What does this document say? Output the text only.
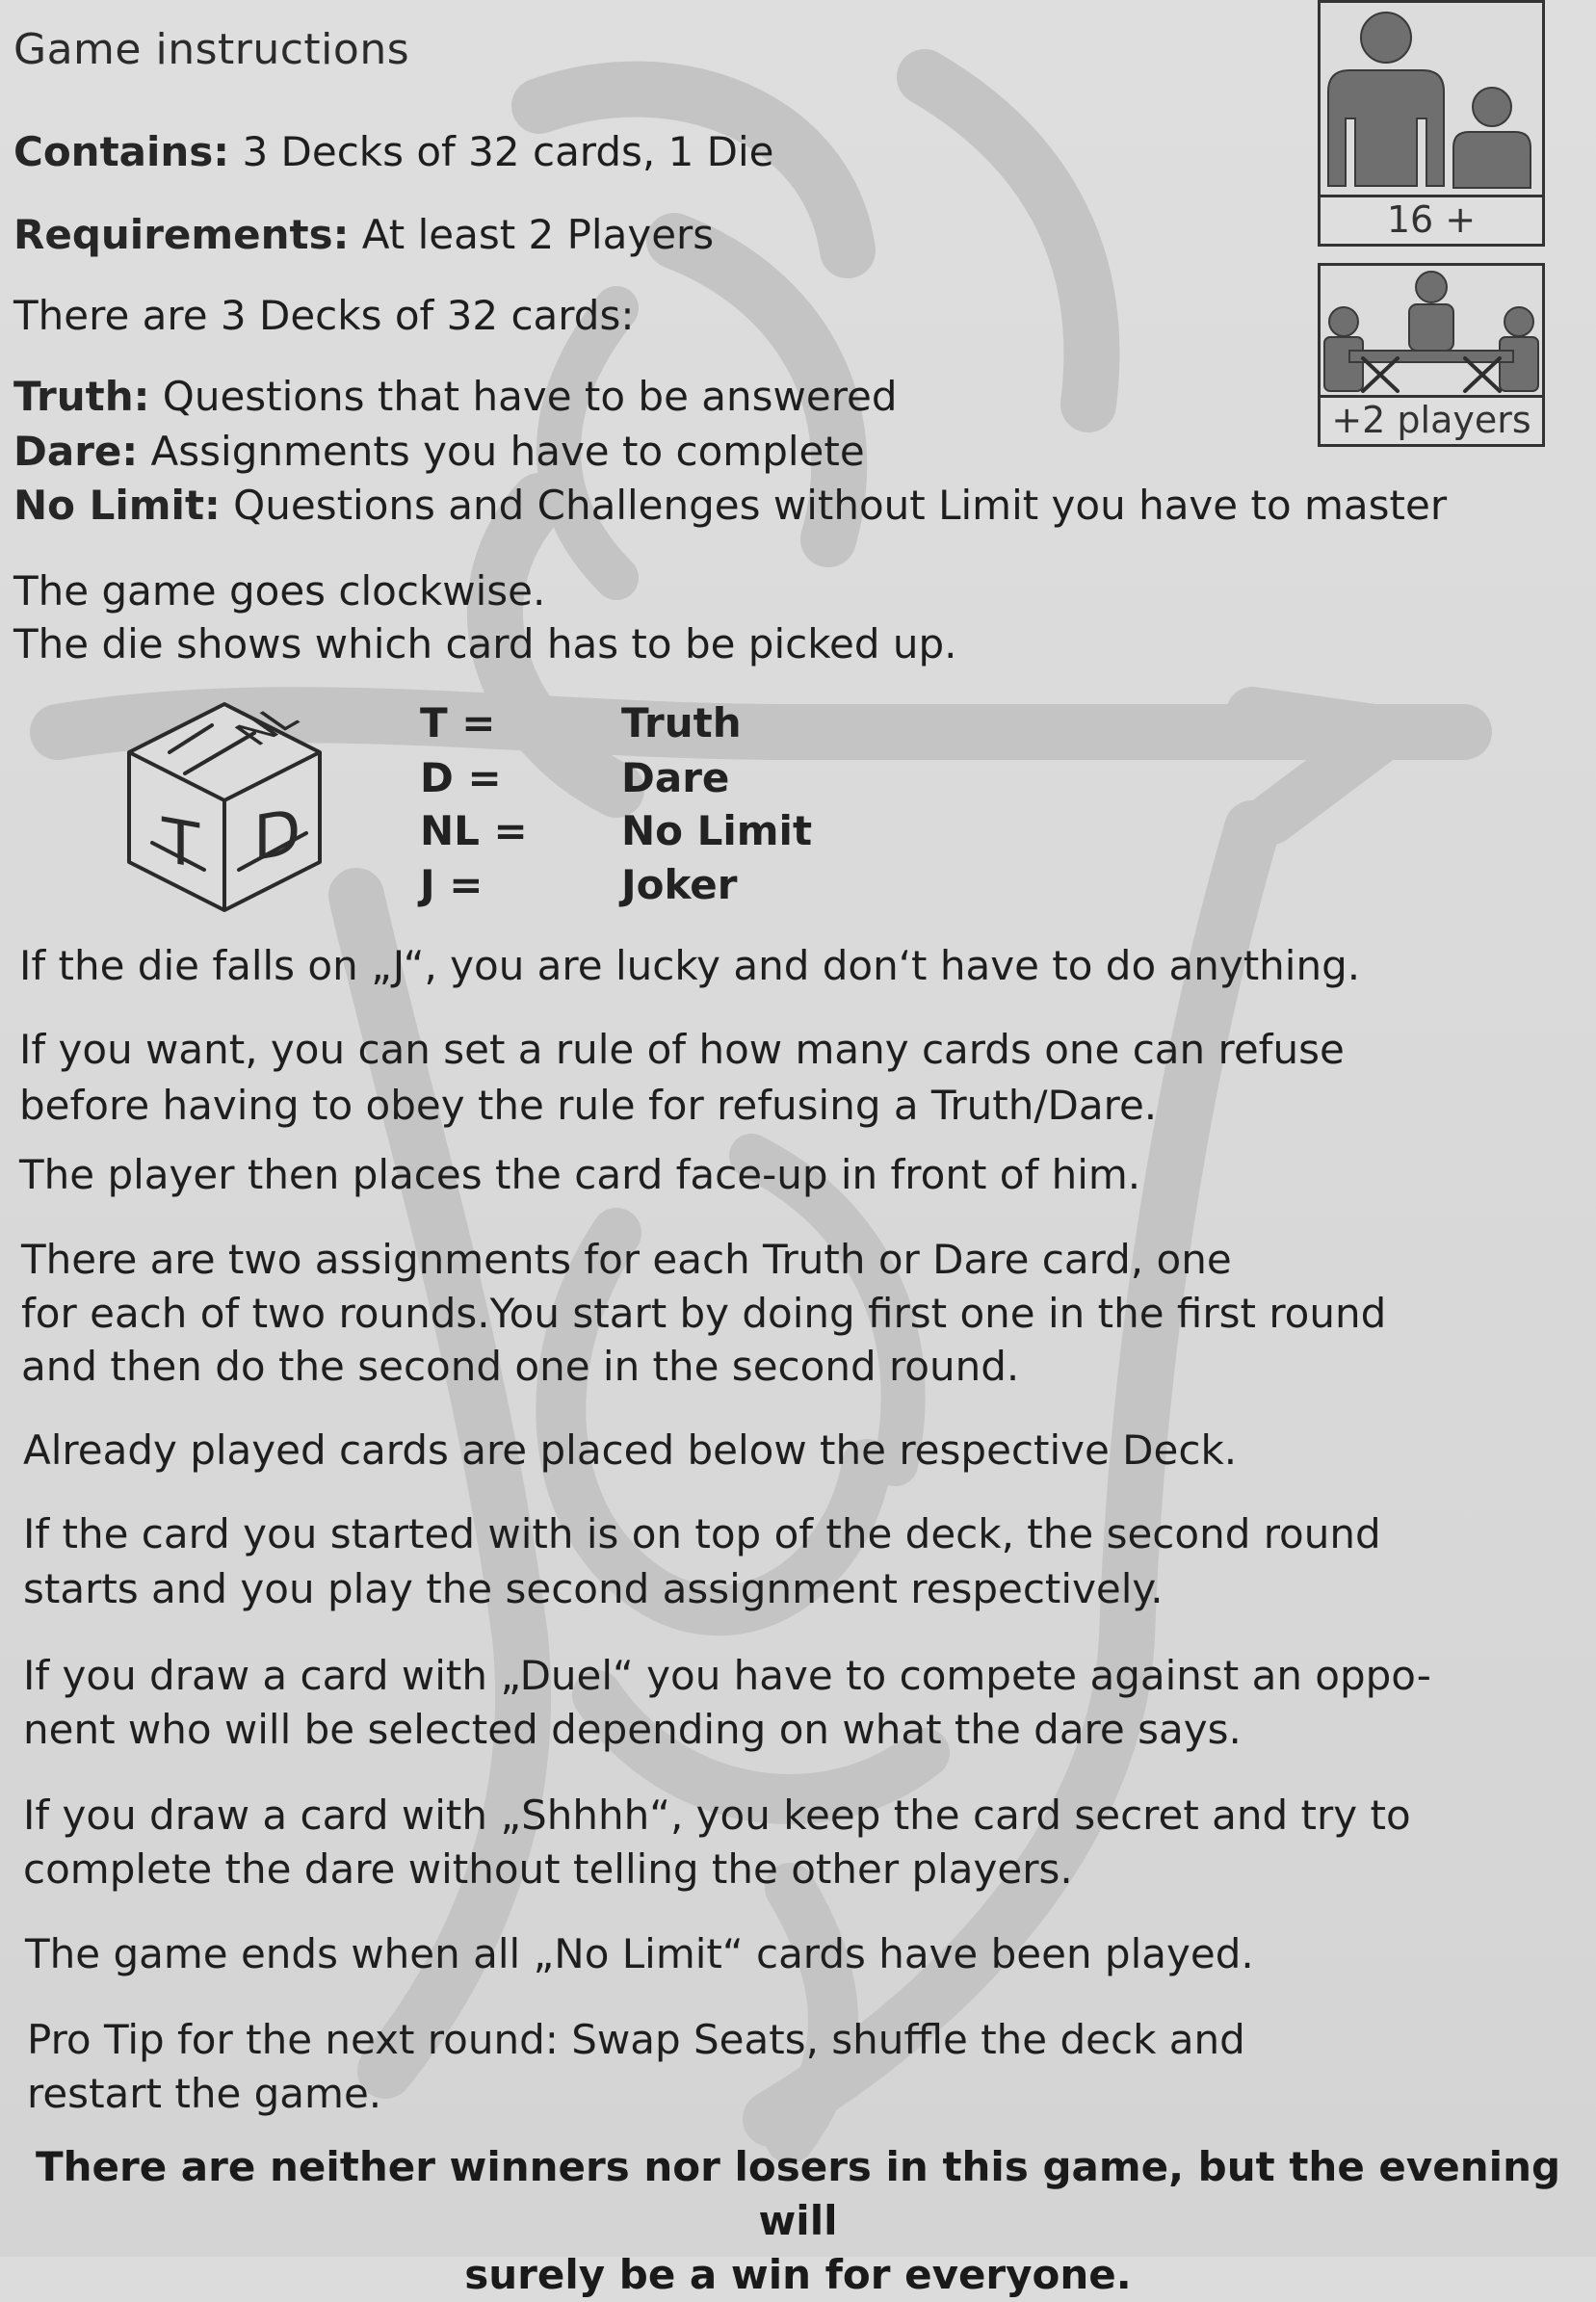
Game instructions
Contains: 3 Decks of 32 cards, 1 Die
Requirements: At least 2 Players
There are 3 Decks of 32 cards:
Truth: Questions that have to be answered
Dare: Assignments you have to complete
No Limit: Questions and Challenges without Limit you have to master
The game goes clockwise.
The die shows which card has to be picked up.
NL
T D
T =	Truth
D =	Dare
NL = No Limit
J =	Joker
If the die falls on „J“, you are lucky and don‘t have to do anything.
If you want, you can set a rule of how many cards one can refuse
before having to obey the rule for refusing a Truth/Dare.
The player then places the card face-up in front of him.
There are two assignments for each Truth or Dare card, one
for each of two rounds.You start by doing first one in the first round
and then do the second one in the second round.
Already played cards are placed below the respective Deck.
If the card you started with is on top of the deck, the second round
starts and you play the second assignment respectively.
If you draw a card with „Duel“ you have to compete against an oppo-
nent who will be selected depending on what the dare says.
If you draw a card with „Shhhh“, you keep the card secret and try to
complete the dare without telling the other players.
The game ends when all „No Limit“ cards have been played.
Pro Tip for the next round: Swap Seats, shuffle the deck and
restart the game.
There are neither winners nor losers in this game, but the evening will
surely be a win for everyone.
16 +
+2 players
